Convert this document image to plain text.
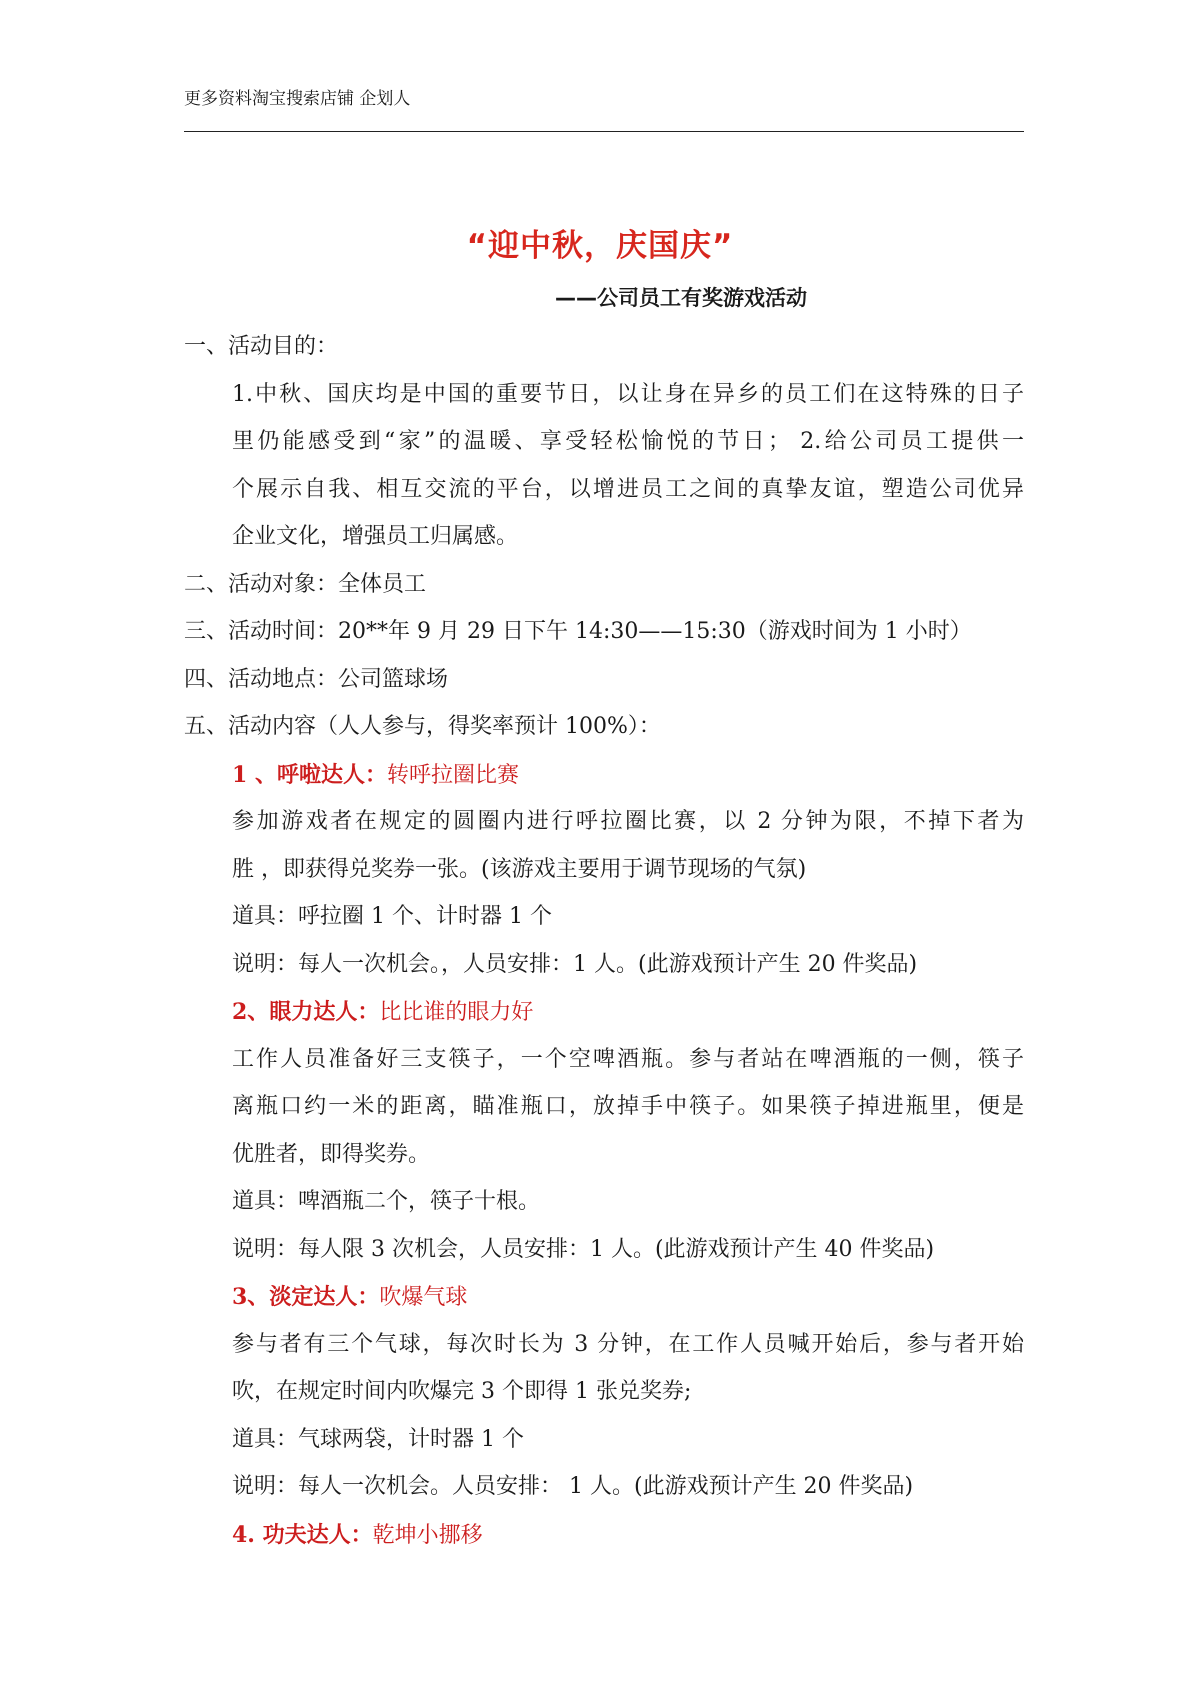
更多资料淘宝搜索店铺 企划人
“迎中秋，庆国庆”
——公司员工有奖游戏活动
一、活动目的：
1.中秋、国庆均是中国的重要节日，以让身在异乡的员工们在这特殊的日子
里仍能感受到“家”的温暖、享受轻松愉悦的节日； 2.给公司员工提供一
个展示自我、相互交流的平台，以增进员工之间的真挚友谊，塑造公司优异
企业文化，增强员工归属感。
二、活动对象：全体员工
三、活动时间：20**年 9 月 29 日下午 14:30——15:30（游戏时间为 1 小时）
四、活动地点：公司篮球场
五、活动内容（人人参与，得奖率预计 100%）：
1 、呼啦达人：转呼拉圈比赛
参加游戏者在规定的圆圈内进行呼拉圈比赛，以 2 分钟为限，不掉下者为
胜 ，即获得兑奖券一张。(该游戏主要用于调节现场的气氛)
道具：呼拉圈 1 个、计时器 1 个
说明：每人一次机会。，人员安排：1 人。(此游戏预计产生 20 件奖品)
2、眼力达人：比比谁的眼力好
工作人员准备好三支筷子，一个空啤酒瓶。参与者站在啤酒瓶的一侧，筷子
离瓶口约一米的距离，瞄准瓶口，放掉手中筷子。如果筷子掉进瓶里，便是
优胜者，即得奖券。
道具：啤酒瓶二个，筷子十根。
说明：每人限 3 次机会，人员安排：1 人。(此游戏预计产生 40 件奖品)
3、淡定达人：吹爆气球
参与者有三个气球，每次时长为 3 分钟，在工作人员喊开始后，参与者开始
吹，在规定时间内吹爆完 3 个即得 1 张兑奖券;
道具：气球两袋，计时器 1 个
说明：每人一次机会。人员安排： 1 人。(此游戏预计产生 20 件奖品)
4. 功夫达人：乾坤小挪移
